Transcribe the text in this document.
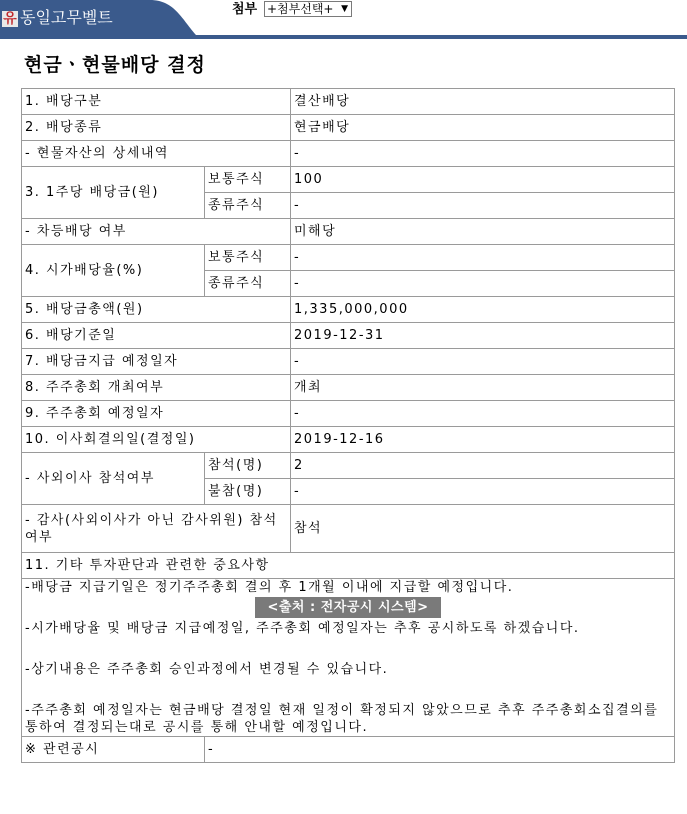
유 동일고무벨트	첨부 +첨부선택+ ▼
현금ㆍ현물배당 결정
1. 배당구분		결산배당
2. 배당종류		현금배당
- 현물자산의 상세내역		-
3. 1주당 배당금(원)	보통주식	100
	종류주식	-
- 차등배당 여부		미해당
4. 시가배당율(%)	보통주식	-
	종류주식	-
5. 배당금총액(원)		1,335,000,000
6. 배당기준일		2019-12-31
7. 배당금지급 예정일자		-
8. 주주총회 개최여부		개최
9. 주주총회 예정일자		-
10. 이사회결의일(결정일)		2019-12-16
- 사외이사 참석여부	참석(명)	2
	불참(명)	-
- 감사(사외이사가 아닌 감사위원) 참석여부		참석
11. 기타 투자판단과 관련한 중요사항		

-배당금 지급기일은 정기주주총회 결의 후 1개월 이내에 지급할 예정입니다.
<출처 : 전자공시 시스템>
-시가배당율 및 배당금 지급예정일, 주주총회 예정일자는 추후 공시하도록 하겠습니다.
-상기내용은 주주총회 승인과정에서 변경될 수 있습니다.
-주주총회 예정일자는 현금배당 결정일 현재 일정이 확정되지 않았으므로 추후 주주총회소집결의를 통하여 결정되는대로 공시를 통해 안내할 예정입니다.		

※ 관련공시	-	
